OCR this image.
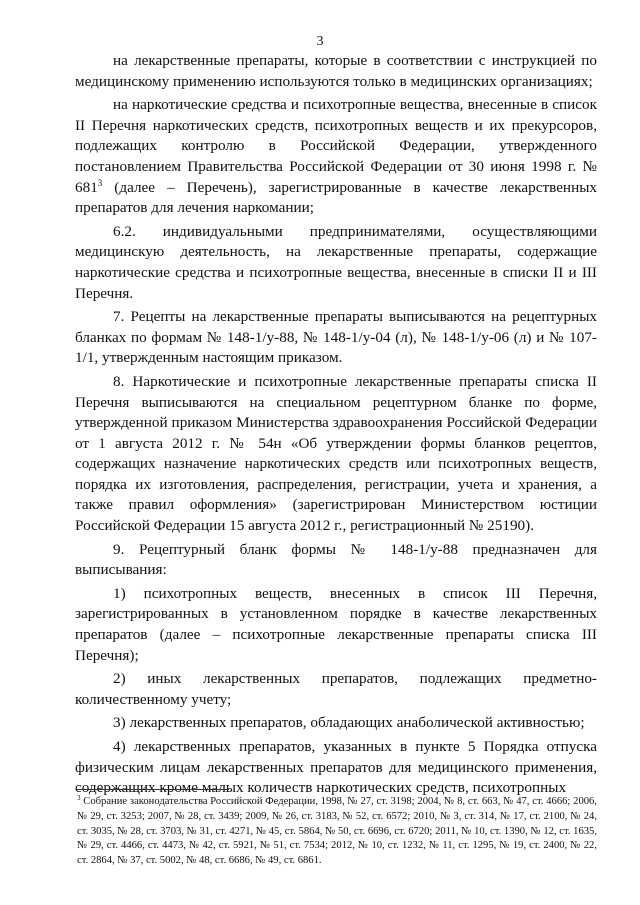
3

на лекарственные препараты, которые в соответствии с инструкцией по медицинскому применению используются только в медицинских организациях;

на наркотические средства и психотропные вещества, внесенные в список II Перечня наркотических средств, психотропных веществ и их прекурсоров, подлежащих контролю в Российской Федерации, утвержденного постановлением Правительства Российской Федерации от 30 июня 1998 г. № $681^3$ (далее – Перечень), зарегистрированные в качестве лекарственных препаратов для лечения наркомании;

6.2. индивидуальными предпринимателями, осуществляющими медицинскую деятельность, на лекарственные препараты, содержащие наркотические средства и психотропные вещества, внесенные в списки II и III Перечня.

7. Рецепты на лекарственные препараты выписываются на рецептурных бланках по формам № 148-1/у-88, № 148-1/у-04 (л), № 148-1/у-06 (л) и № 107-1/1, утвержденным настоящим приказом.

8. Наркотические и психотропные лекарственные препараты списка II Перечня выписываются на специальном рецептурном бланке по форме, утвержденной приказом Министерства здравоохранения Российской Федерации от 1 августа 2012 г. № 54н «Об утверждении формы бланков рецептов, содержащих назначение наркотических средств или психотропных веществ, порядка их изготовления, распределения, регистрации, учета и хранения, а также правил оформления» (зарегистрирован Министерством юстиции Российской Федерации 15 августа 2012 г., регистрационный № 25190).

9. Рецептурный бланк формы № 148-1/у-88 предназначен для выписывания:

1) психотропных веществ, внесенных в список III Перечня, зарегистрированных в установленном порядке в качестве лекарственных препаратов (далее – психотропные лекарственные препараты списка III Перечня);

2) иных лекарственных препаратов, подлежащих предметно-количественному учету;

3) лекарственных препаратов, обладающих анаболической активностью;

4) лекарственных препаратов, указанных в пункте 5 Порядка отпуска физическим лицам лекарственных препаратов для медицинского применения, содержащих кроме малых количеств наркотических средств, психотропных

$^3$ Собрание законодательства Российской Федерации, 1998, № 27, ст. 3198; 2004, № 8, ст. 663, № 47, ст. 4666; 2006, № 29, ст. 3253; 2007, № 28, ст. 3439; 2009, № 26, ст. 3183, № 52, ст. 6572; 2010, № 3, ст. 314, № 17, ст. 2100, № 24, ст. 3035, № 28, ст. 3703, № 31, ст. 4271, № 45, ст. 5864, № 50, ст. 6696, ст. 6720; 2011, № 10, ст. 1390, № 12, ст. 1635, № 29, ст. 4466, ст. 4473, № 42, ст. 5921, № 51, ст. 7534; 2012, № 10, ст. 1232, № 11, ст. 1295, № 19, ст. 2400, № 22, ст. 2864, № 37, ст. 5002, № 48, ст. 6686, № 49, ст. 6861.
